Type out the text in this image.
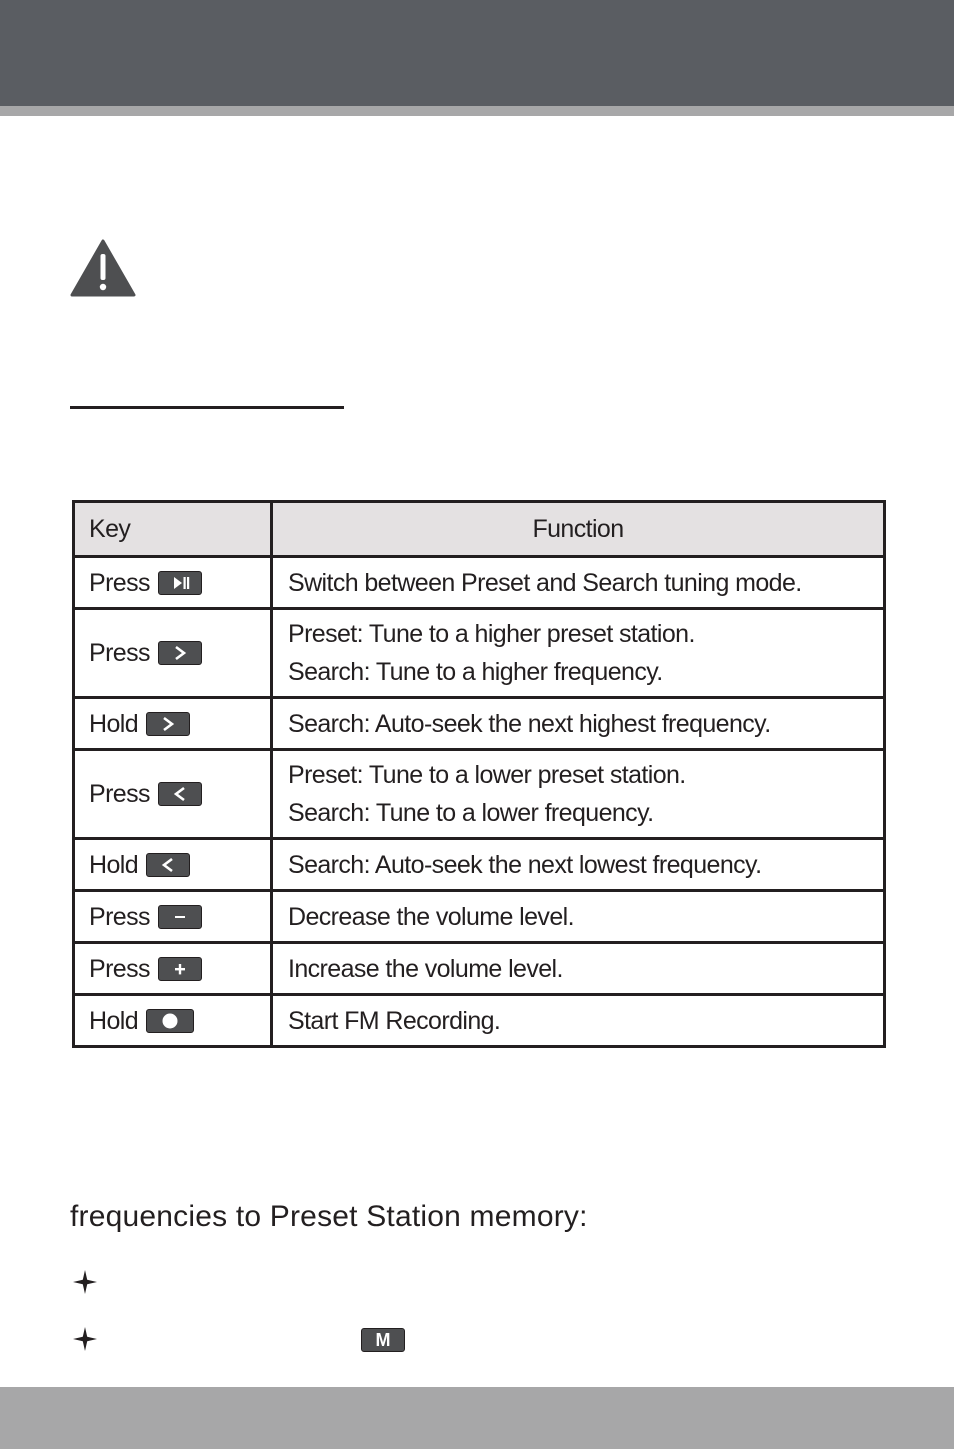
Key	Function
Press	Switch between Preset and Search tuning mode.

Press	Preset: Tune to a higher preset station.
Search: Tune to a higher frequency.

Hold	Search: Auto-seek the next highest frequency.

Press	Preset: Tune to a lower preset station.
Search: Tune to a lower frequency.

Hold	Search: Auto-seek the next lowest frequency.

Press	Decrease the volume level.

Press	Increase the volume level.

Hold	Start FM Recording.
frequencies to Preset Station memory:
M
